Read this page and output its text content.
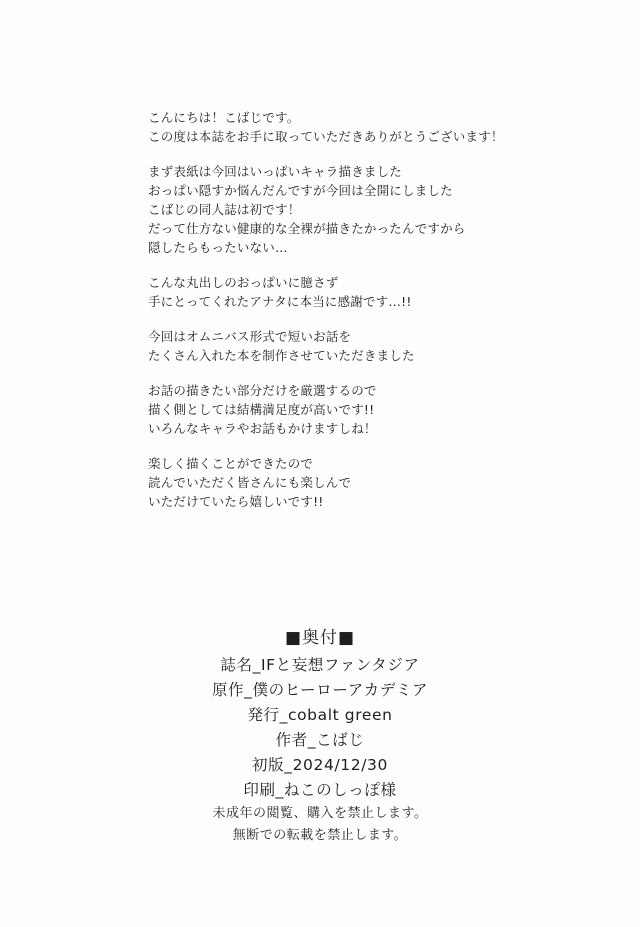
こんにちは！こばじです。
この度は本誌をお手に取っていただきありがとうございます！
まず表紙は今回はいっぱいキャラ描きました
おっぱい隠すか悩んだんですが今回は全開にしました
こばじの同人誌は初です！
だって仕方ない健康的な全裸が描きたかったんですから
隠したらもったいない…
こんな丸出しのおっぱいに臆さず
手にとってくれたアナタに本当に感謝です…!!
今回はオムニバス形式で短いお話を
たくさん入れた本を制作させていただきました
お話の描きたい部分だけを厳選するので
描く側としては結構満足度が高いです!!
いろんなキャラやお話もかけますしね！
楽しく描くことができたので
読んでいただく皆さんにも楽しんで
いただけていたら嬉しいです!!
■奥付■
誌名_IFと妄想ファンタジア
原作_僕のヒーローアカデミア
発行_cobalt green
作者_こばじ
初版_2024/12/30
印刷_ねこのしっぽ様
未成年の閲覧、購入を禁止します。
無断での転載を禁止します。
